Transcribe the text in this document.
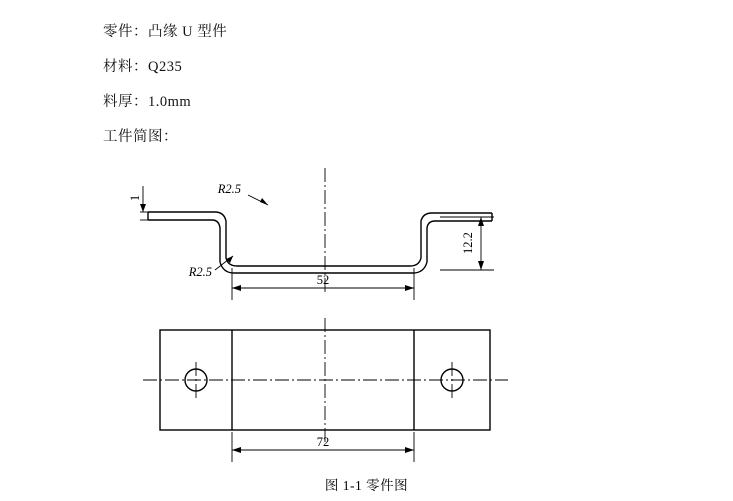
零件：凸缘 U 型件
材料：Q235
料厚：1.0mm
工件简图：
1
R2.5
R2.5
12.2
52
72
图 1-1 零件图
